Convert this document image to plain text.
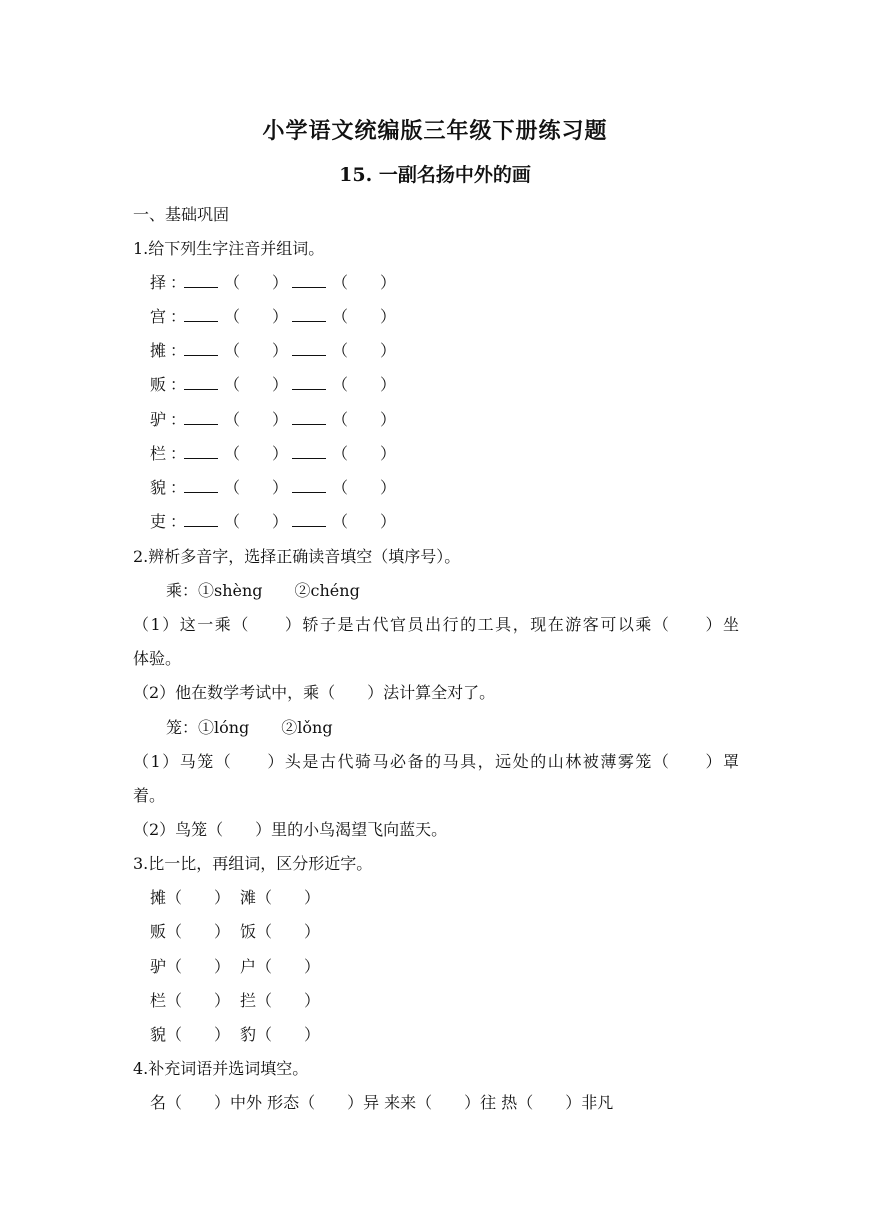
小学语文统编版三年级下册练习题
15. 一副名扬中外的画
一、基础巩固
1.给下列生字注音并组词。
择 ： （　　）	（　　）
宫 ： （　　）	（　　）
摊 ： （　　）	（　　）
贩 ： （　　）	（　　）
驴 ： （　　）	（　　）
栏 ： （　　）	（　　）
貌 ： （　　）	（　　）
吏 ： （　　）	（　　）
2.辨析多音字，选择正确读音填空（填序号）。
乘：①shèng　　②chéng
（1）这一乘（　　）轿子是古代官员出行的工具，现在游客可以乘（　　）坐
体验。
（2）他在数学考试中，乘（　　）法计算全对了。
笼：①lóng　　②lǒng
（1）马笼（　　）头是古代骑马必备的马具，远处的山林被薄雾笼（　　）罩
着。
（2）鸟笼（　　）里的小鸟渴望飞向蓝天。
3.比一比，再组词，区分形近字。
摊（　　） 滩（　　）
贩（　　） 饭（　　）
驴（　　） 户（　　）
栏（　　） 拦（　　）
貌（　　） 豹（　　）
4.补充词语并选词填空。
名（　　）中外 形态（　　）异 来来（　　）往 热（　　）非凡
